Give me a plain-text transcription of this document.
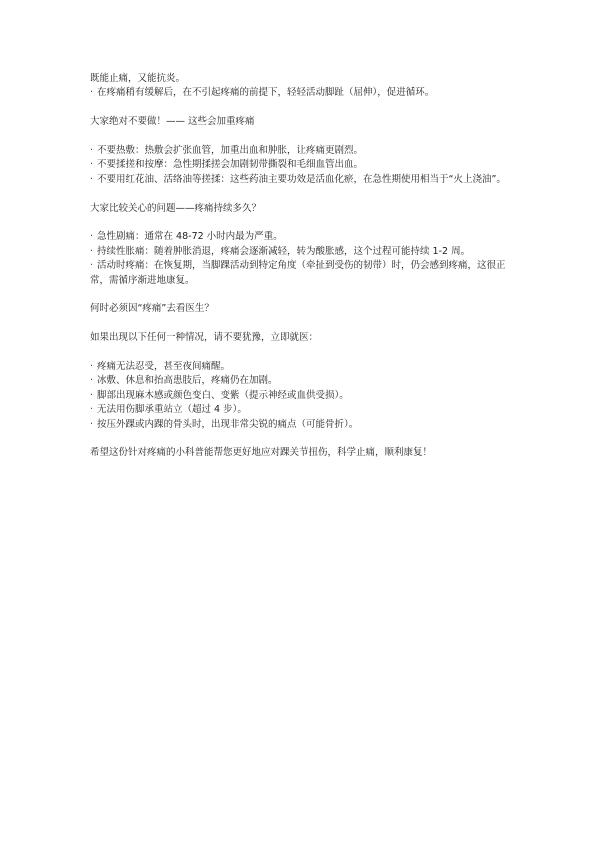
既能止痛，又能抗炎。
· 在疼痛稍有缓解后，在不引起疼痛的前提下，轻轻活动脚趾（屈伸），促进循环。
大家绝对不要做！—— 这些会加重疼痛
· 不要热敷：热敷会扩张血管，加重出血和肿胀，让疼痛更剧烈。
· 不要揉搓和按摩：急性期揉搓会加剧韧带撕裂和毛细血管出血。
· 不要用红花油、活络油等搓揉：这些药油主要功效是活血化瘀，在急性期使用相当于“火上浇油”。
大家比较关心的问题——疼痛持续多久？
· 急性剧痛：通常在 48-72 小时内最为严重。
· 持续性胀痛：随着肿胀消退，疼痛会逐渐减轻，转为酸胀感，这个过程可能持续 1-2 周。
· 活动时疼痛：在恢复期，当脚踝活动到特定角度（牵扯到受伤的韧带）时，仍会感到疼痛，这很正常，需循序渐进地康复。
何时必须因“疼痛”去看医生？
如果出现以下任何一种情况，请不要犹豫，立即就医：
· 疼痛无法忍受，甚至夜间痛醒。
· 冰敷、休息和抬高患肢后，疼痛仍在加剧。
· 脚部出现麻木感或颜色变白、变紫（提示神经或血供受损）。
· 无法用伤脚承重站立（超过 4 步）。
· 按压外踝或内踝的骨头时，出现非常尖锐的痛点（可能骨折）。
希望这份针对疼痛的小科普能帮您更好地应对踝关节扭伤，科学止痛，顺利康复！
